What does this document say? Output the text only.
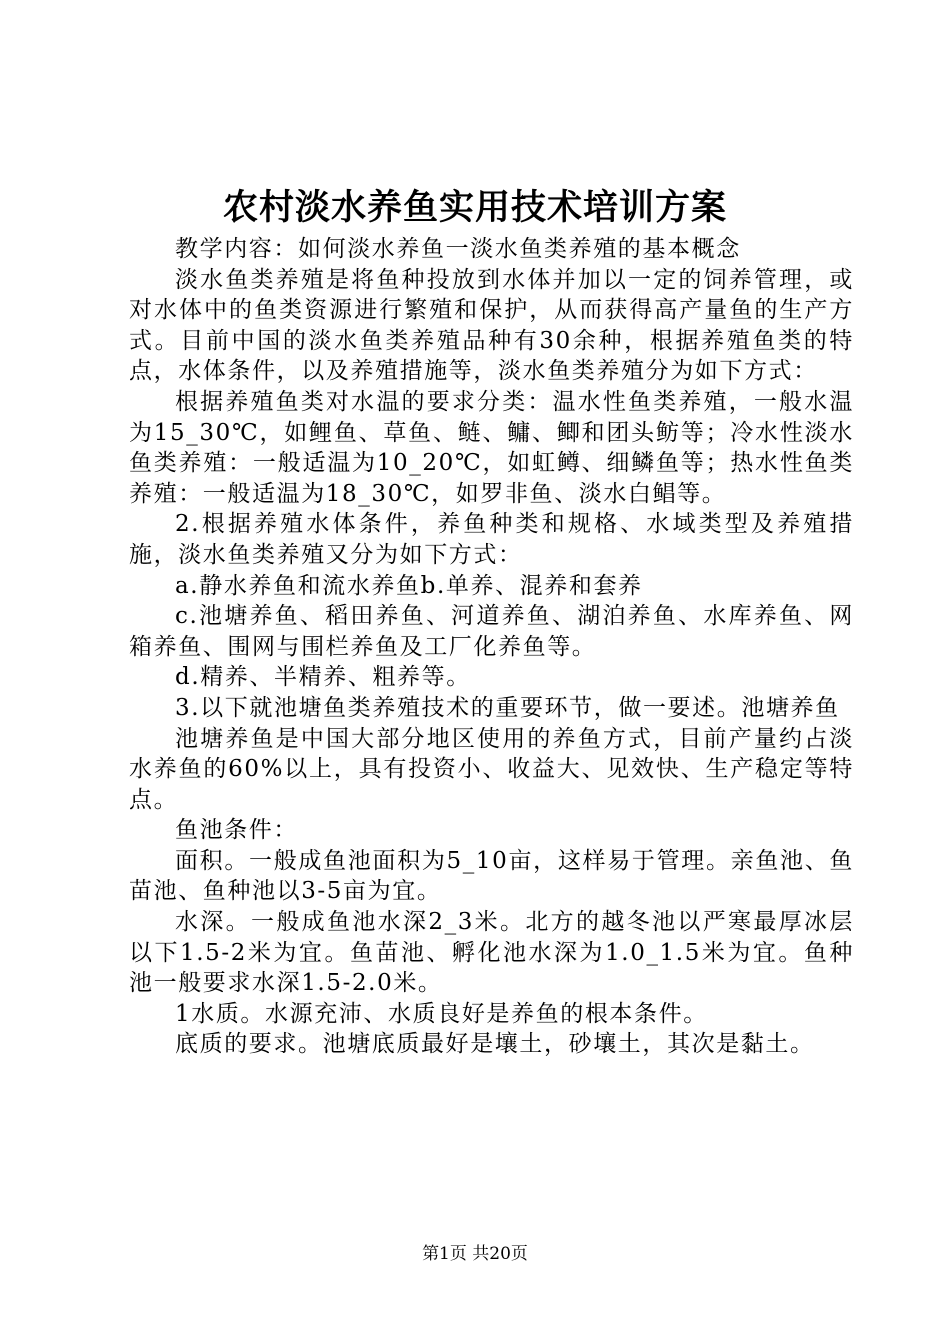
农村淡水养鱼实用技术培训方案

教学内容：如何淡水养鱼一淡水鱼类养殖的基本概念

淡水鱼类养殖是将鱼种投放到水体并加以一定的饲养管理，或对水体中的鱼类资源进行繁殖和保护，从而获得高产量鱼的生产方式。目前中国的淡水鱼类养殖品种有30余种，根据养殖鱼类的特点，水体条件，以及养殖措施等，淡水鱼类养殖分为如下方式：

根据养殖鱼类对水温的要求分类：温水性鱼类养殖，一般水温为15_30℃，如鲤鱼、草鱼、鲢、鳙、鲫和团头鲂等；冷水性淡水鱼类养殖：一般适温为10_20℃，如虹鳟、细鳞鱼等；热水性鱼类养殖：一般适温为18_30℃，如罗非鱼、淡水白鲳等。

2.根据养殖水体条件，养鱼种类和规格、水域类型及养殖措施，淡水鱼类养殖又分为如下方式：

a.静水养鱼和流水养鱼b.单养、混养和套养

c.池塘养鱼、稻田养鱼、河道养鱼、湖泊养鱼、水库养鱼、网箱养鱼、围网与围栏养鱼及工厂化养鱼等。

d.精养、半精养、粗养等。

3.以下就池塘鱼类养殖技术的重要环节，做一要述。池塘养鱼

池塘养鱼是中国大部分地区使用的养鱼方式，目前产量约占淡水养鱼的60%以上，具有投资小、收益大、见效快、生产稳定等特点。

鱼池条件：

面积。一般成鱼池面积为5_10亩，这样易于管理。亲鱼池、鱼苗池、鱼种池以3-5亩为宜。

水深。一般成鱼池水深2_3米。北方的越冬池以严寒最厚冰层以下1.5-2米为宜。鱼苗池、孵化池水深为1.0_1.5米为宜。鱼种池一般要求水深1.5-2.0米。

1水质。水源充沛、水质良好是养鱼的根本条件。

底质的要求。池塘底质最好是壤土，砂壤土，其次是黏土。

第1页 共20页
